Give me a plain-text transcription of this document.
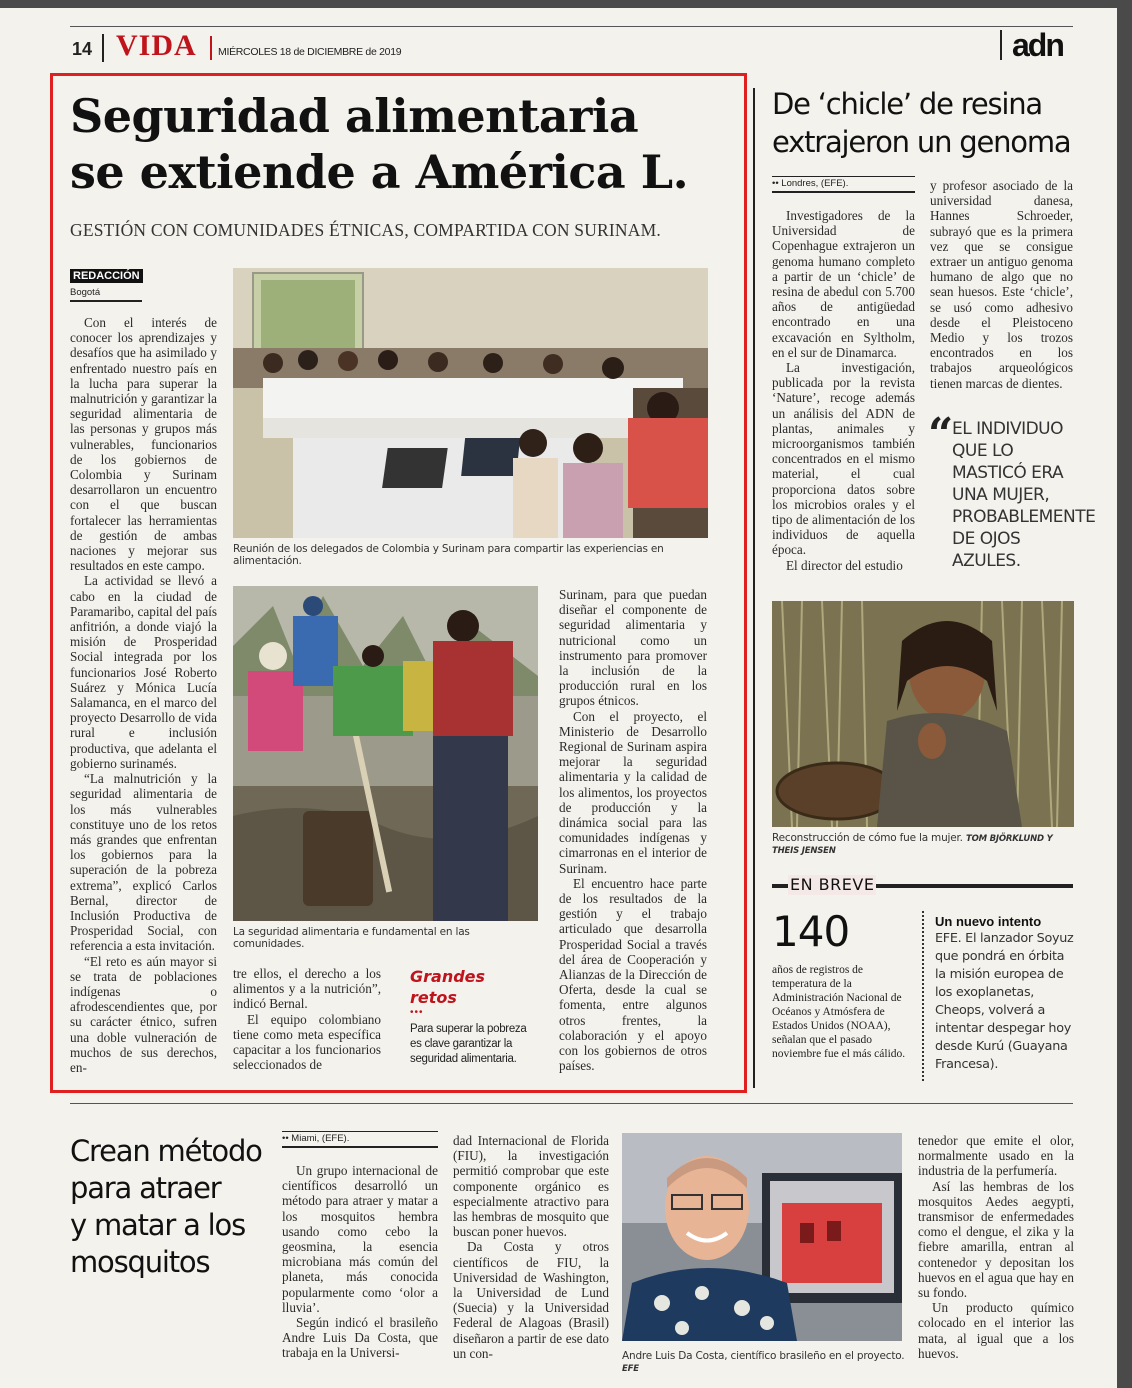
14 VIDA MIÉRCOLES 18 de DICIEMBRE de 2019	adn
Seguridad alimentaria
se extiende a América L.
GESTIÓN CON COMUNIDADES ÉTNICAS, COMPARTIDA CON SURINAM.
REDACCIÓN
Bogotá

Con el interés de conocer los aprendizajes y desafíos que ha asimilado y enfrentado nuestro país en la lucha para superar la malnutrición y garantizar la seguridad alimentaria de las personas y grupos más vulnerables, funcionarios de los gobiernos de Colombia y Surinam desarrollaron un encuentro con el que buscan fortalecer las herramientas de gestión de ambas naciones y mejorar sus resultados en este campo.

La actividad se llevó a cabo en la ciudad de Paramaribo, capital del país anfitrión, a donde viajó la misión de Prosperidad Social integrada por los funcionarios José Roberto Suárez y Mónica Lucía Salamanca, en el marco del proyecto Desarrollo de vida rural e inclusión productiva, que adelanta el gobierno surinamés.

“La malnutrición y la seguridad alimentaria de los más vulnerables constituye uno de los retos más grandes que enfrentan los gobiernos para la superación de la pobreza extrema”, explicó Carlos Bernal, director de Inclusión Productiva de Prosperidad Social, con referencia a esta invitación.

“El reto es aún mayor si se trata de poblaciones indígenas o afrodescendientes que, por su carácter étnico, sufren una doble vulneración de muchos de sus derechos, en-

Reunión de los delegados de Colombia y Surinam para compartir las experiencias en alimentación.
La seguridad alimentaria e fundamental en las comunidades.

tre ellos, el derecho a los alimentos y a la nutrición”, indicó Bernal.

El equipo colombiano tiene como meta específica capacitar a los funcionarios seleccionados de

Grandes
retos
•••
Para superar la pobreza es clave garantizar la seguridad alimentaria.

Surinam, para que puedan diseñar el componente de seguridad alimentaria y nutricional como un instrumento para promover la inclusión de la producción rural en los grupos étnicos.

Con el proyecto, el Ministerio de Desarrollo Regional de Surinam aspira mejorar la seguridad alimentaria y la calidad de los alimentos, los proyectos de producción y la dinámica social para las comunidades indígenas y cimarronas en el interior de Surinam.

El encuentro hace parte de los resultados de la gestión y el trabajo articulado que desarrolla Prosperidad Social a través del área de Cooperación y Alianzas de la Dirección de Oferta, desde la cual se fomenta, entre algunos otros frentes, la colaboración y el apoyo con los gobiernos de otros países.

De ‘chicle’ de resina
extrajeron un genoma
•• Londres, (EFE).

Investigadores de la Universidad de Copenhague extrajeron un genoma humano completo a partir de un ‘chicle’ de resina de abedul con 5.700 años de antigüedad encontrado en una excavación en Syltholm, en el sur de Dinamarca.

La investigación, publicada por la revista ‘Nature’, recoge además un análisis del ADN de plantas, animales y microorganismos también concentrados en el mismo material, el cual proporciona datos sobre los microbios orales y el tipo de alimentación de los individuos de aquella época.

El director del estudio

y profesor asociado de la universidad danesa, Hannes Schroeder, subrayó que es la primera vez que se consigue extraer un antiguo genoma humano de algo que no sean huesos. Este ‘chicle’, se usó como adhesivo desde el Pleistoceno Medio y los trozos encontrados en los trabajos arqueológicos tienen marcas de dientes.

“
EL INDIVIDUO QUE LO MASTICÓ ERA UNA MUJER, PROBABLEMENTE DE OJOS AZULES.
Reconstrucción de cómo fue la mujer. TOM BJÖRKLUND Y THEIS JENSEN
EN BREVE
140
años de registros de temperatura de la Administración Nacional de Océanos y Atmósfera de Estados Unidos (NOAA), señalan que el pasado noviembre fue el más cálido.
Un nuevo intento
EFE. El lanzador Soyuz que pondrá en órbita la misión europea de los exoplanetas, Cheops, volverá a intentar despegar hoy desde Kurú (Guayana Francesa).
Crean método
para atraer
y matar a los
mosquitos
•• Miami, (EFE).

Un grupo internacional de científicos desarrolló un método para atraer y matar a los mosquitos hembra usando como cebo la geosmina, la esencia microbiana más común del planeta, más conocida popularmente como ‘olor a lluvia’.

Según indicó el brasileño Andre Luis Da Costa, que trabaja en la Universi-

dad Internacional de Florida (FIU), la investigación permitió comprobar que este componente orgánico es especialmente atractivo para las hembras de mosquito que buscan poner huevos.

Da Costa y otros científicos de FIU, la Universidad de Washington, la Universidad de Lund (Suecia) y la Universidad Federal de Alagoas (Brasil) diseñaron a partir de ese dato un con-	Andre Luis Da Costa, científico brasileño en el proyecto. EFE

tenedor que emite el olor, normalmente usado en la industria de la perfumería.

Así las hembras de los mosquitos Aedes aegypti, transmisor de enfermedades como el dengue, el zika y la fiebre amarilla, entran al contenedor y depositan los huevos en el agua que hay en su fondo.

Un producto químico colocado en el interior las mata, al igual que a los huevos.
